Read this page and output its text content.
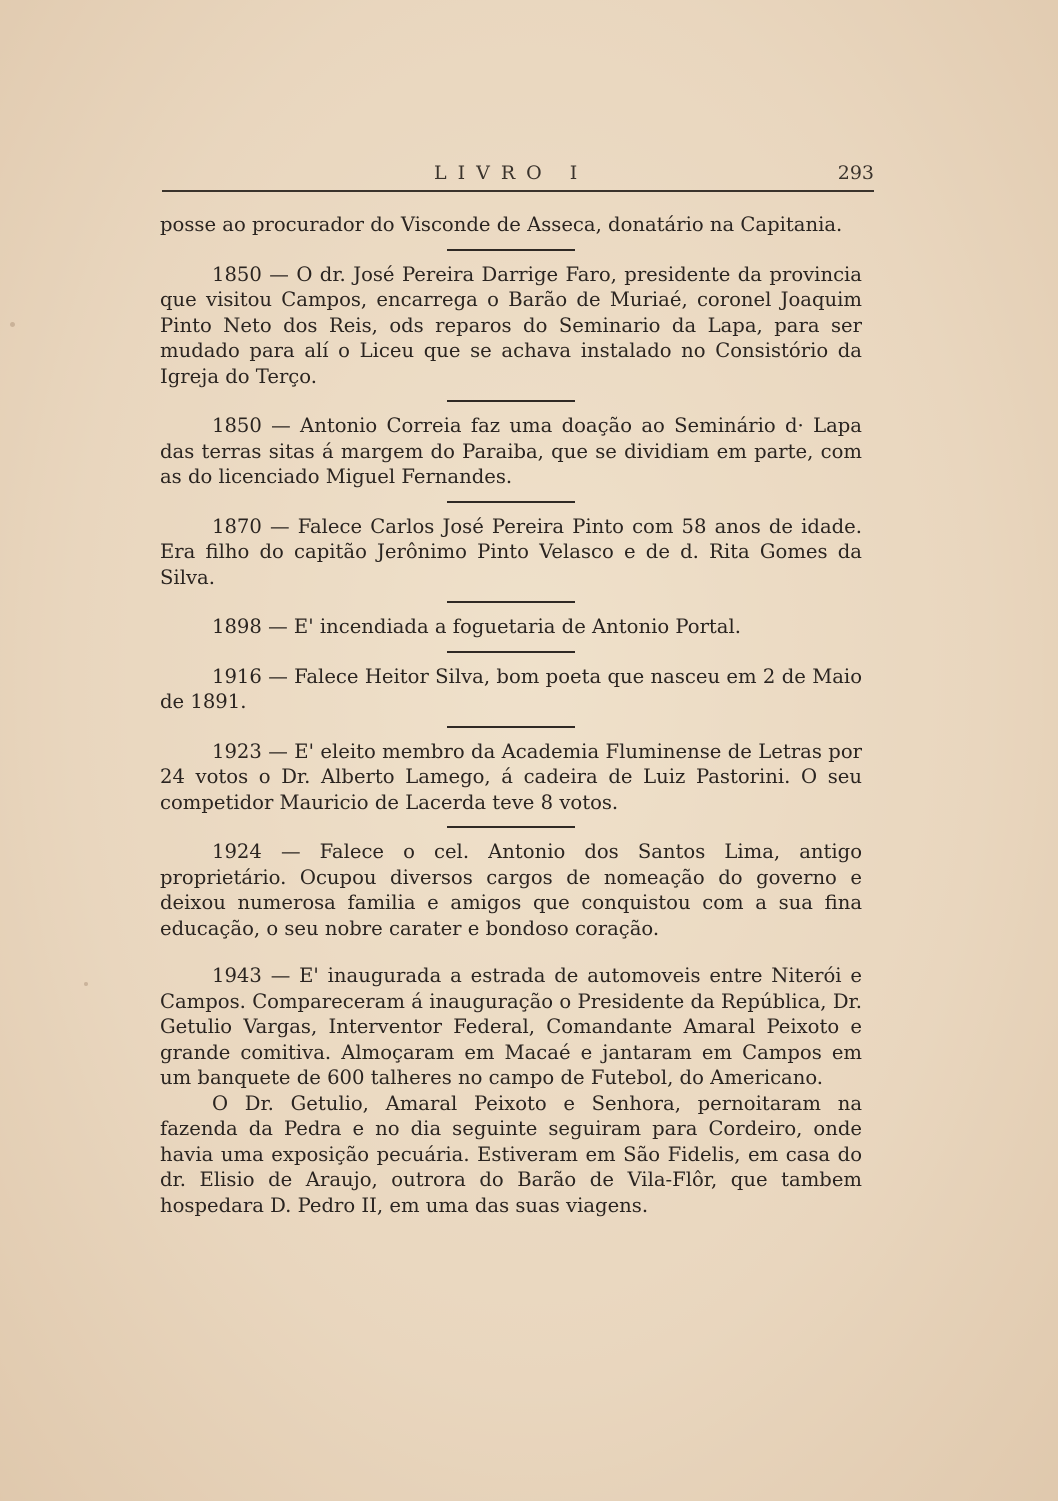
LIVRO I	293

posse ao procurador do Visconde de Asseca, donatário na Capitania.

1850 — O dr. José Pereira Darrige Faro, presidente da provincia que visitou Campos, encarrega o Barão de Muriaé, coronel Joaquim Pinto Neto dos Reis, ods reparos do Seminario da Lapa, para ser mudado para alí o Liceu que se achava instalado no Consistório da Igreja do Terço.

1850 — Antonio Correia faz uma doação ao Seminário d· Lapa das terras sitas á margem do Paraiba, que se dividiam em parte, com as do licenciado Miguel Fernandes.

1870 — Falece Carlos José Pereira Pinto com 58 anos de idade. Era filho do capitão Jerônimo Pinto Velasco e de d. Rita Gomes da Silva.

1898 — E' incendiada a foguetaria de Antonio Portal.

1916 — Falece Heitor Silva, bom poeta que nasceu em 2 de Maio de 1891.

1923 — E' eleito membro da Academia Fluminense de Letras por 24 votos o Dr. Alberto Lamego, á cadeira de Luiz Pastorini. O seu competidor Mauricio de Lacerda teve 8 votos.

1924 — Falece o cel. Antonio dos Santos Lima, antigo proprietário. Ocupou diversos cargos de nomeação do governo e deixou numerosa familia e amigos que conquistou com a sua fina educação, o seu nobre carater e bondoso coração.

1943 — E' inaugurada a estrada de automoveis entre Niterói e Campos. Compareceram á inauguração o Presidente da República, Dr. Getulio Vargas, Interventor Federal, Comandante Amaral Peixoto e grande comitiva. Almoçaram em Macaé e jantaram em Campos em um banquete de 600 talheres no campo de Futebol, do Americano.

O Dr. Getulio, Amaral Peixoto e Senhora, pernoitaram na fazenda da Pedra e no dia seguinte seguiram para Cordeiro, onde havia uma exposição pecuária. Estiveram em São Fidelis, em casa do dr. Elisio de Araujo, outrora do Barão de Vila-Flôr, que tambem hospedara D. Pedro II, em uma das suas viagens.
